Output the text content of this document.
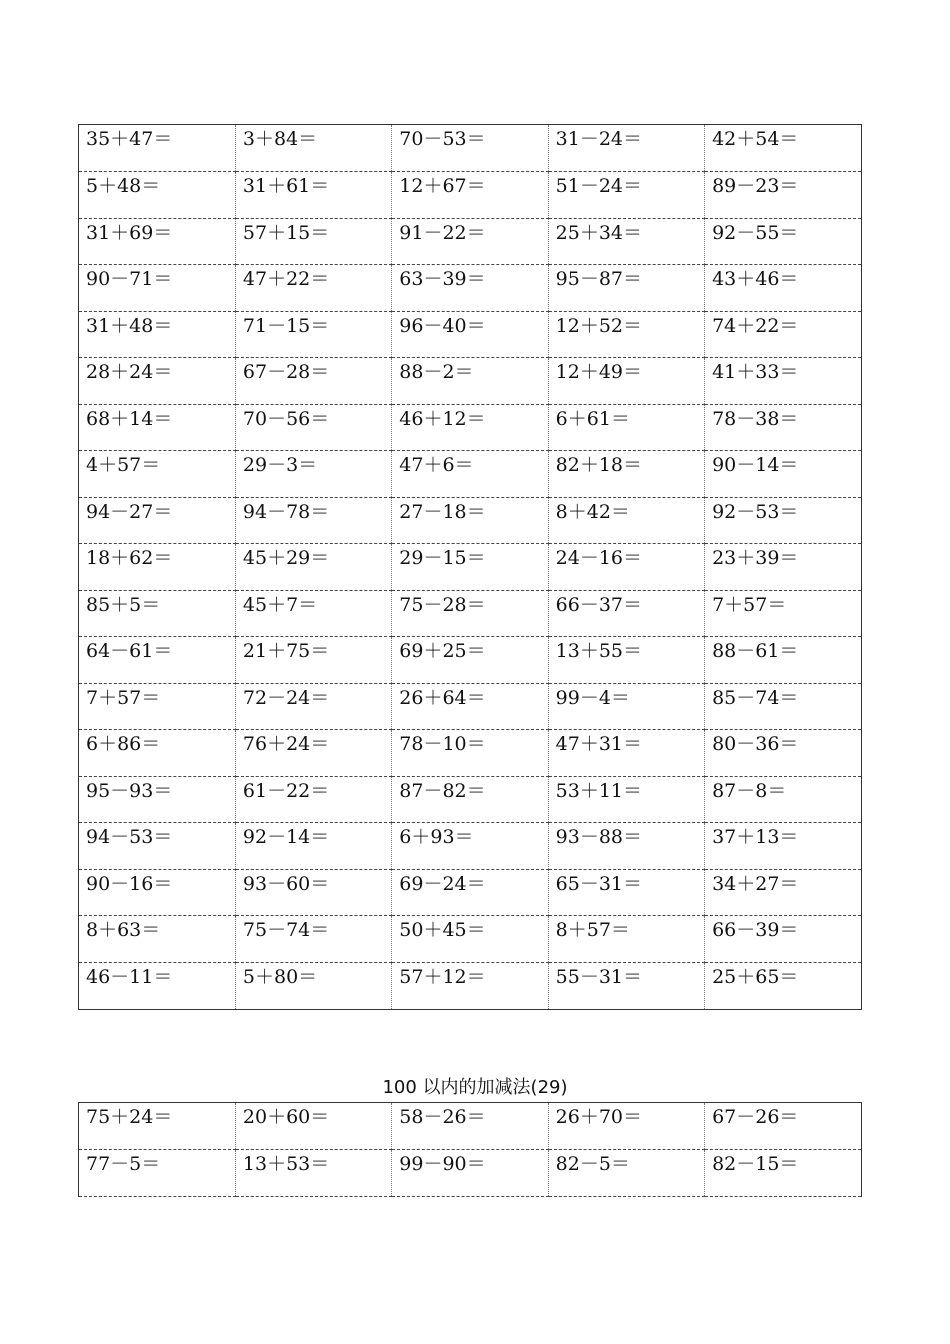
35＋47＝	3＋84＝	70－53＝	31－24＝	42＋54＝
5＋48＝	31＋61＝	12＋67＝	51－24＝	89－23＝
31＋69＝	57＋15＝	91－22＝	25＋34＝	92－55＝
90－71＝	47＋22＝	63－39＝	95－87＝	43＋46＝
31＋48＝	71－15＝	96－40＝	12＋52＝	74＋22＝
28＋24＝	67－28＝	88－2＝	12＋49＝	41＋33＝
68＋14＝	70－56＝	46＋12＝	6＋61＝	78－38＝
4＋57＝	29－3＝	47＋6＝	82＋18＝	90－14＝
94－27＝	94－78＝	27－18＝	8＋42＝	92－53＝
18＋62＝	45＋29＝	29－15＝	24－16＝	23＋39＝
85＋5＝	45＋7＝	75－28＝	66－37＝	7＋57＝
64－61＝	21＋75＝	69＋25＝	13＋55＝	88－61＝
7＋57＝	72－24＝	26＋64＝	99－4＝	85－74＝
6＋86＝	76＋24＝	78－10＝	47＋31＝	80－36＝
95－93＝	61－22＝	87－82＝	53＋11＝	87－8＝
94－53＝	92－14＝	6＋93＝	93－88＝	37＋13＝
90－16＝	93－60＝	69－24＝	65－31＝	34＋27＝
8＋63＝	75－74＝	50＋45＝	8＋57＝	66－39＝
46－11＝	5＋80＝	57＋12＝	55－31＝	25＋65＝
100 以内的加减法(29)
75＋24＝	20＋60＝	58－26＝	26＋70＝	67－26＝
77－5＝	13＋53＝	99－90＝	82－5＝	82－15＝
